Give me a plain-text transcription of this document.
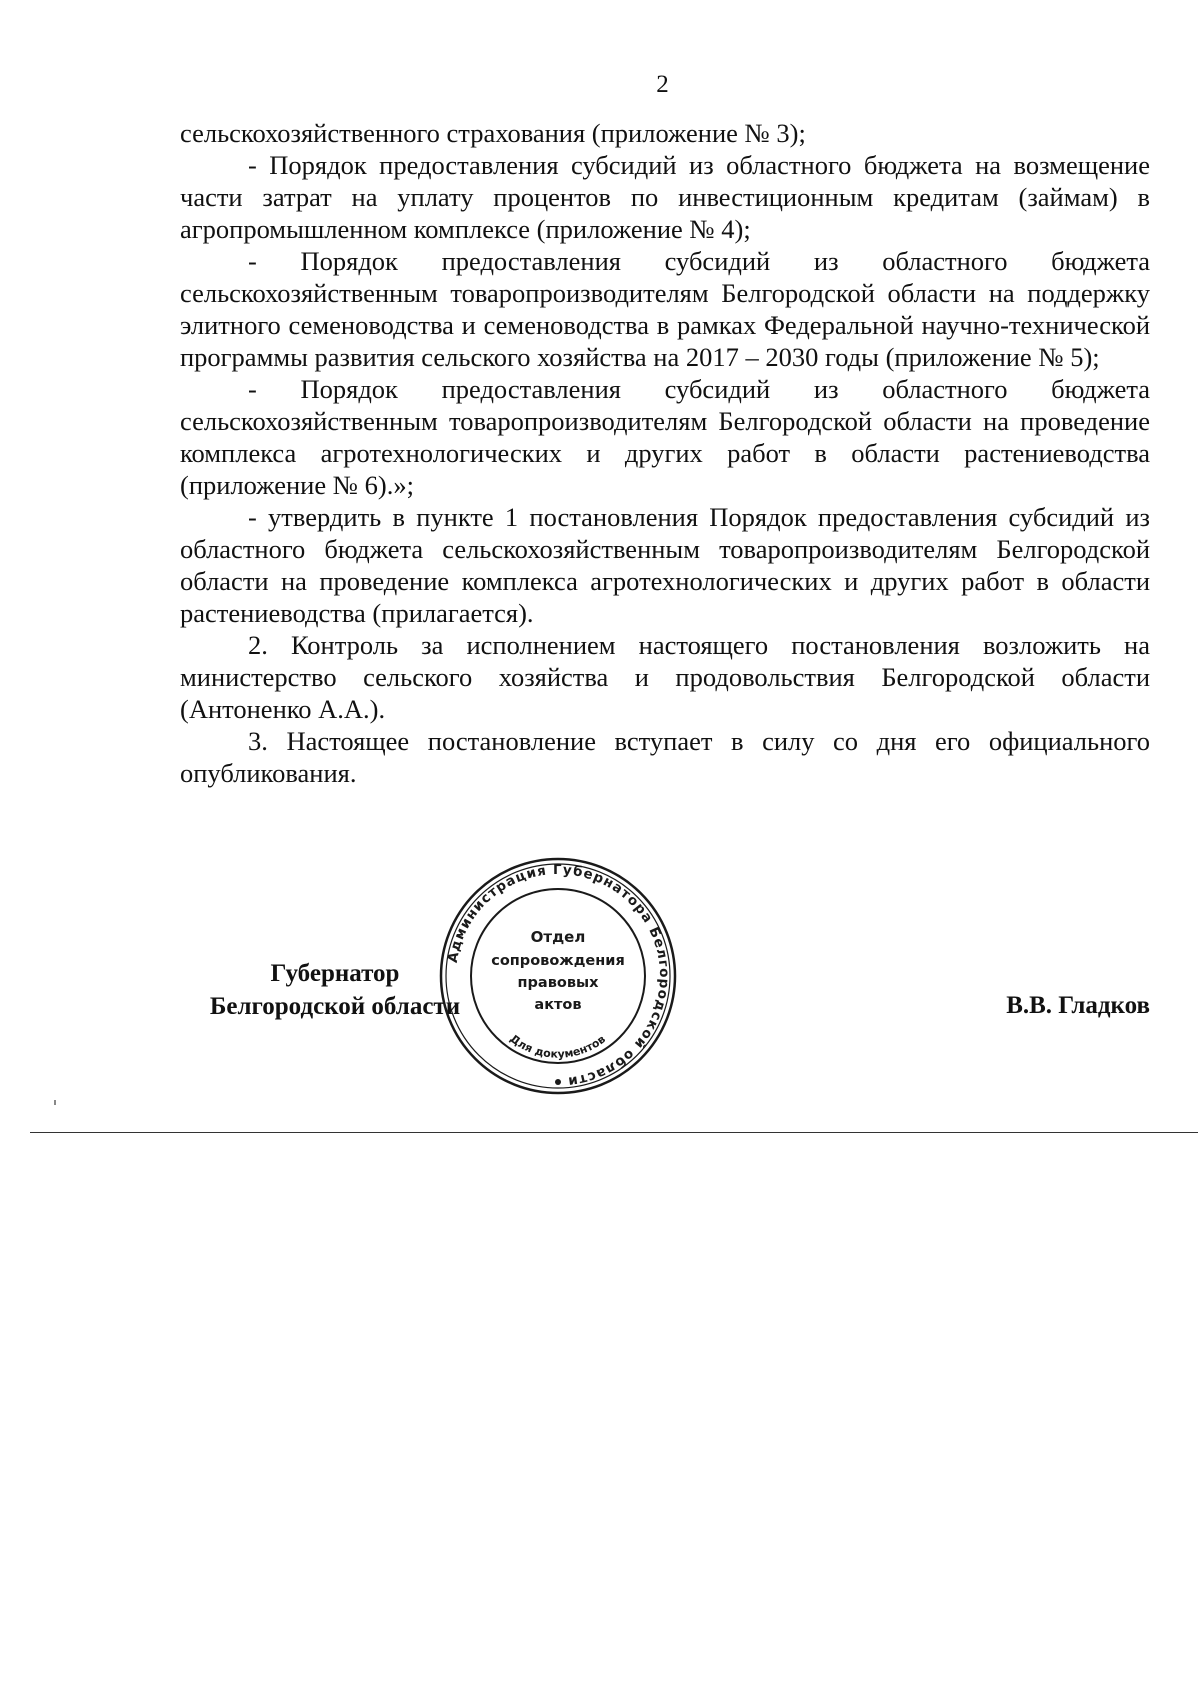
2

сельскохозяйственного страхования (приложение № 3);

- Порядок предоставления субсидий из областного бюджета на возмещение части затрат на уплату процентов по инвестиционным кредитам (займам) в агропромышленном комплексе (приложение № 4);

- Порядок предоставления субсидий из областного бюджета сельскохозяйственным товаропроизводителям Белгородской области на поддержку элитного семеноводства и семеноводства в рамках Федеральной научно-технической программы развития сельского хозяйства на 2017 – 2030 годы (приложение № 5);

- Порядок предоставления субсидий из областного бюджета сельскохозяйственным товаропроизводителям Белгородской области на проведение комплекса агротехнологических и других работ в области растениеводства (приложение № 6).»;

- утвердить в пункте 1 постановления Порядок предоставления субсидий из областного бюджета сельскохозяйственным товаропроизводителям Белгородской области на проведение комплекса агротехнологических и других работ в области растениеводства (прилагается).

2. Контроль за исполнением настоящего постановления возложить на министерство сельского хозяйства и продовольствия Белгородской области (Антоненко А.А.).

3. Настоящее постановление вступает в силу со дня его официального опубликования.

Губернатор
Белгородской области
Администрация Губернатора Белгородской области
Для документов
Отдел
сопровождения
правовых
актов	В.В. Гладков
